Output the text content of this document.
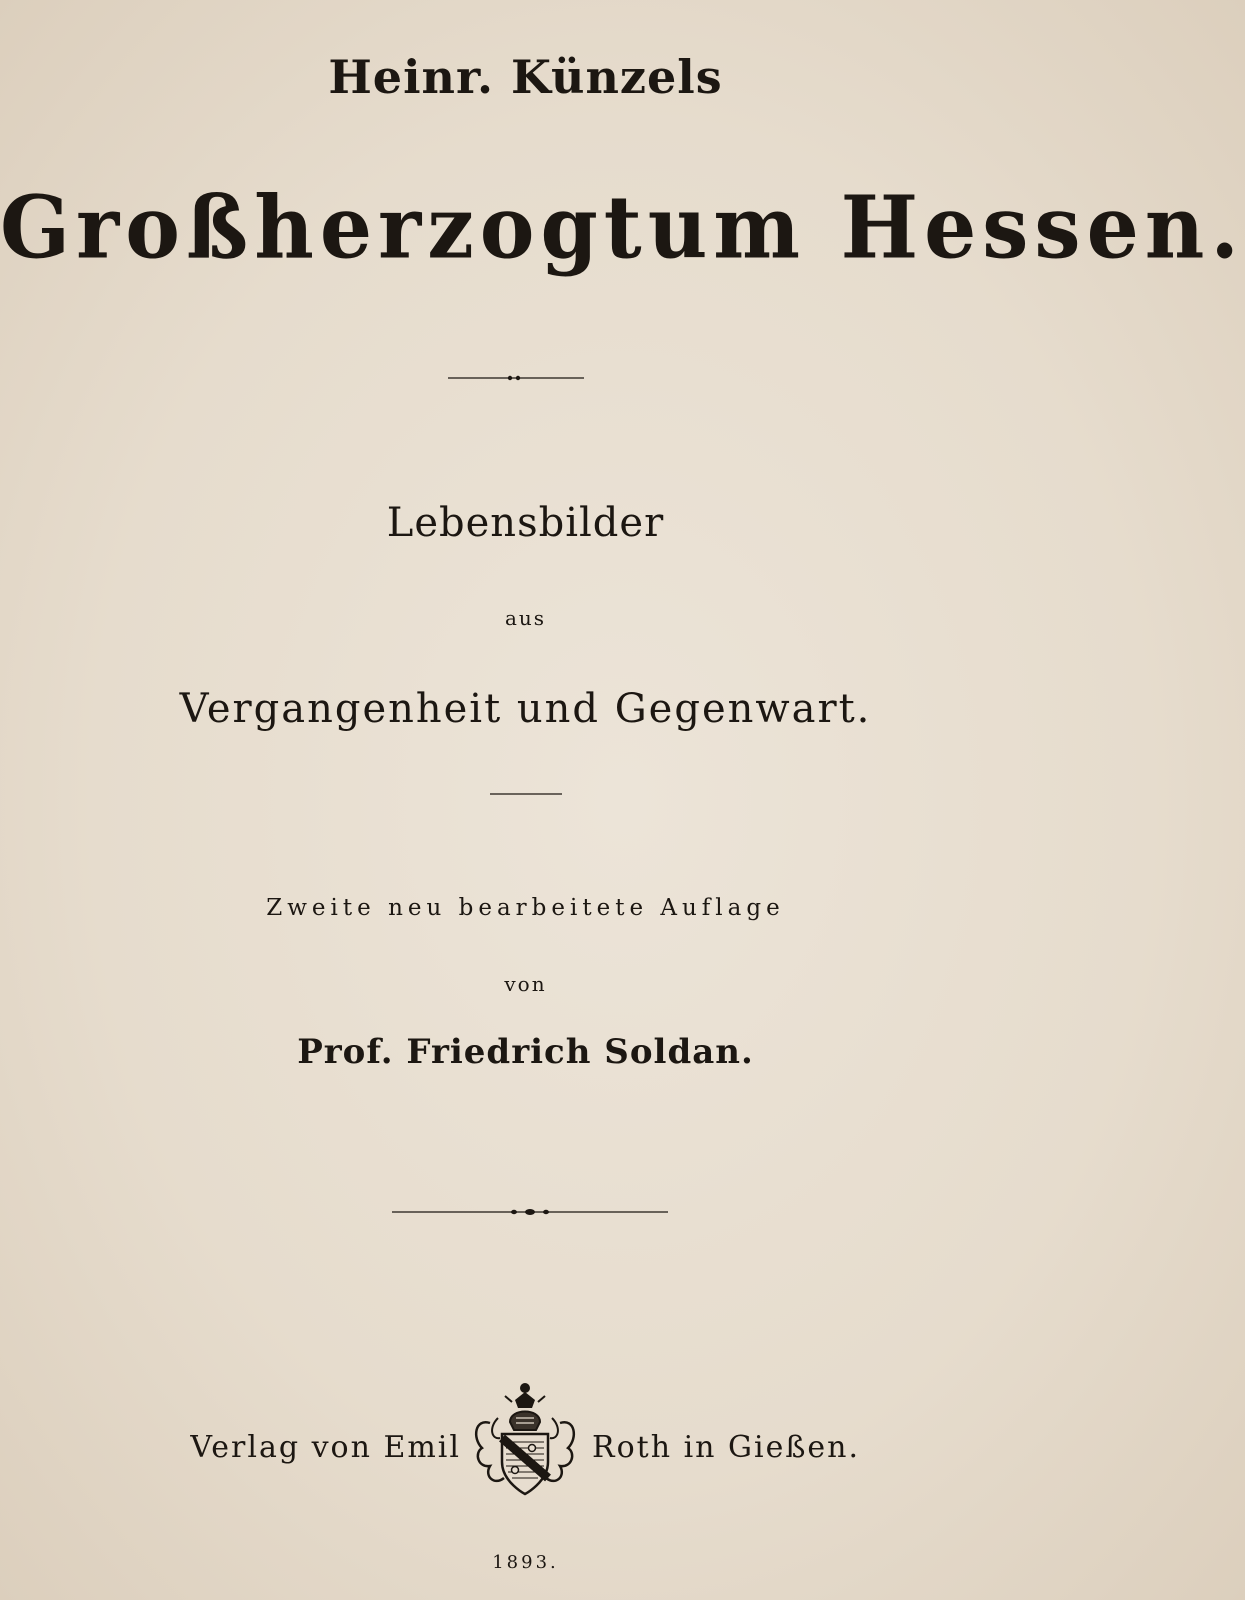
Heinr. Künzels
Großherzogtum Hessen.
Lebensbilder
aus
Vergangenheit und Gegenwart.
Zweite neu bearbeitete Auflage
von
Prof. Friedrich Soldan.
Verlag von Emil	Roth in Gießen.
1893.
